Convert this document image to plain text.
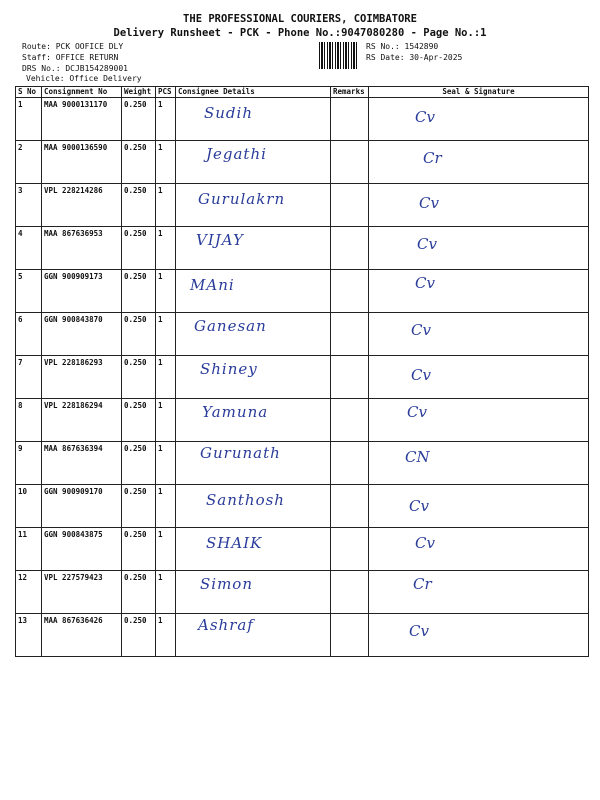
THE PROFESSIONAL COURIERS, COIMBATORE
Delivery Runsheet - PCK - Phone No.:9047080280 - Page No.:1
Route: PCK OOFICE DLY
Staff: OFFICE RETURN
DRS No.: DCJB154289001
Vehicle: Office Delivery
RS No.: 1542890
RS Date: 30-Apr-2025
S No	Consignment No	Weight	PCS	Consignee Details	Remarks	Seal & Signature
1	MAA 9000131170	0.250	1	Sudih		Cv
2	MAA 9000136590	0.250	1	Jegathi		Cr
3	VPL 228214286	0.250	1	Gurulakrn		Cv
4	MAA 867636953	0.250	1	VIJAY		Cv
5	GGN 900909173	0.250	1	MAni		Cv
6	GGN 900843870	0.250	1	Ganesan		Cv
7	VPL 228186293	0.250	1	Shiney		Cv
8	VPL 228186294	0.250	1	Yamuna		Cv
9	MAA 867636394	0.250	1	Gurunath		CN
10	GGN 900909170	0.250	1	Santhosh		Cv
11	GGN 900843875	0.250	1	SHAIK		Cv
12	VPL 227579423	0.250	1	Simon		Cr
13	MAA 867636426	0.250	1	Ashraf		Cv
